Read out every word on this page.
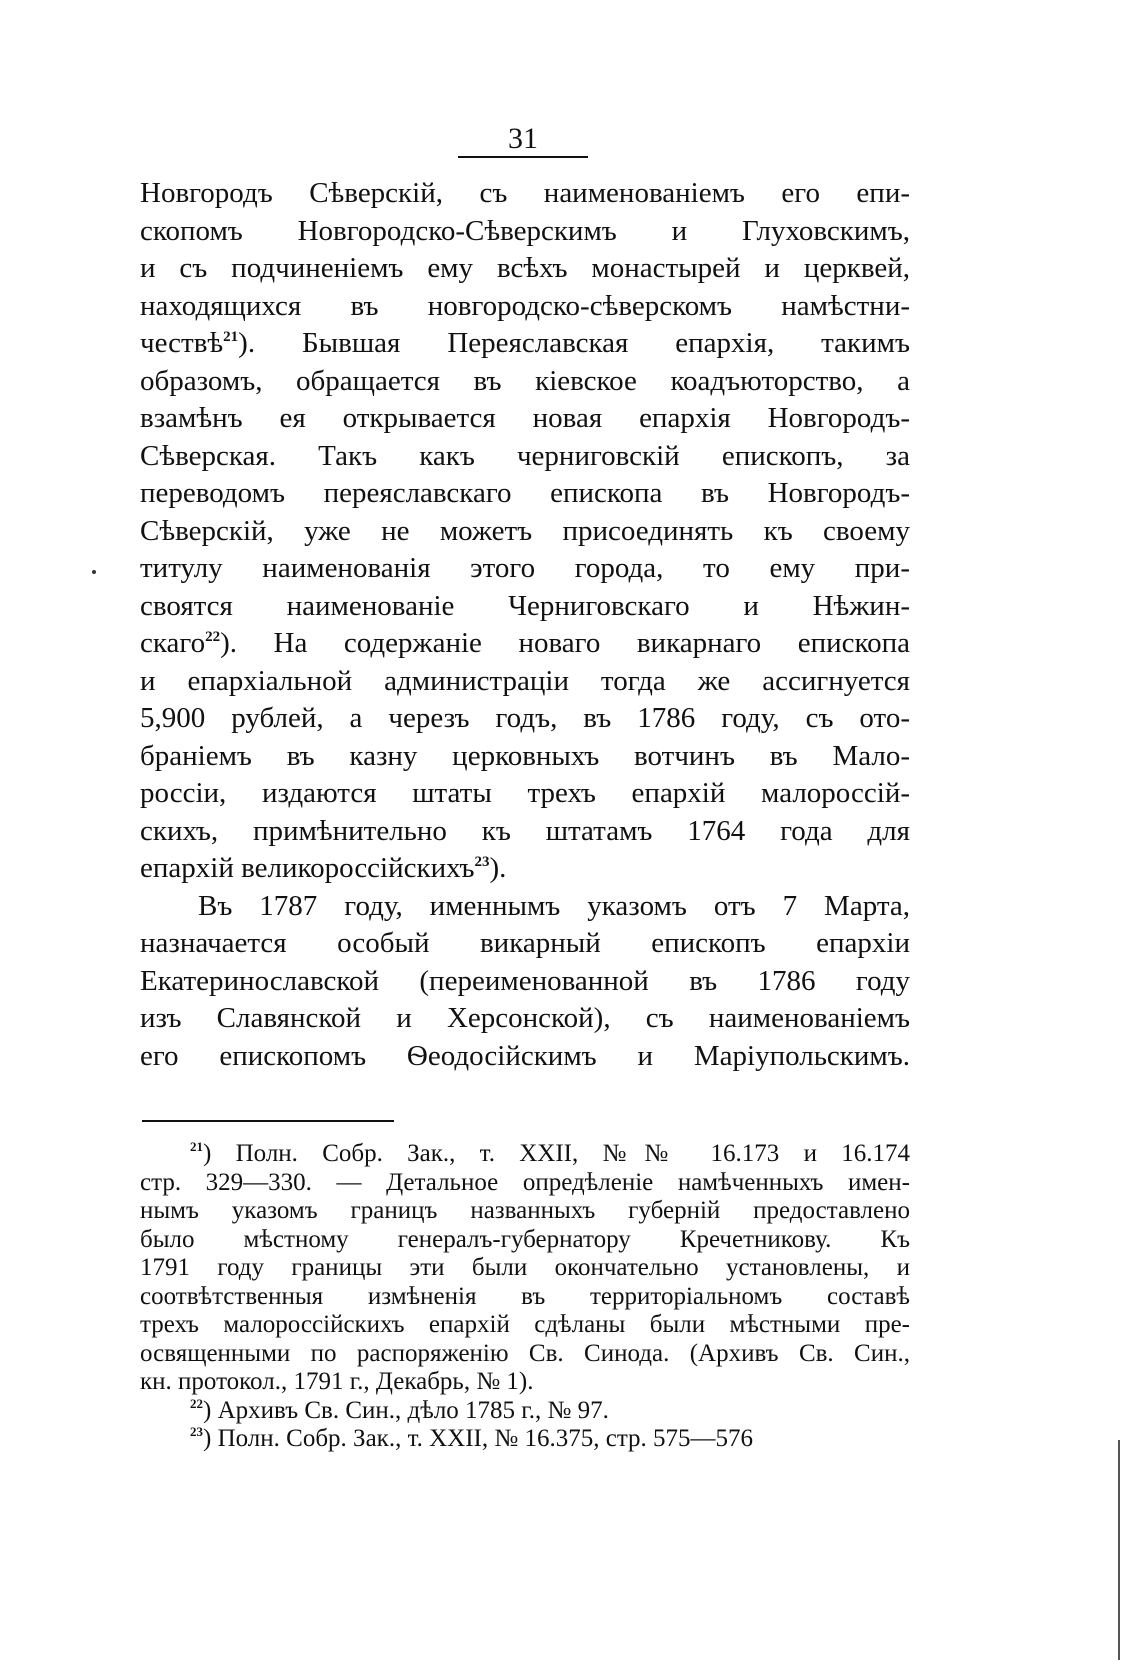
31
Новгородъ Сѣверскій, съ наименованіемъ его епи-
скопомъ Новгородско-Сѣверскимъ и Глуховскимъ,
и съ подчиненіемъ ему всѣхъ монастырей и церквей,
находящихся въ новгородско-сѣверскомъ намѣстни-
чествѣ$^{21}$). Бывшая Переяславская епархія, такимъ
образомъ, обращается въ кіевское коадъюторство, а
взамѣнъ ея открывается новая епархія Новгородъ-
Сѣверская. Такъ какъ черниговскій епископъ, за
переводомъ переяславскаго епископа въ Новгородъ-
Сѣверскій, уже не можетъ присоединять къ своему
титулу наименованія этого города, то ему при-
своятся наименованіе Черниговскаго и Нѣжин-
скаго$^{22}$). На содержаніе новаго викарнаго епископа
и епархіальной администраціи тогда же ассигнуется
5,900 рублей, а черезъ годъ, въ 1786 году, съ ото-
браніемъ въ казну церковныхъ вотчинъ въ Мало-
россіи, издаются штаты трехъ епархій малороссій-
скихъ, примѣнительно къ штатамъ 1764 года для
епархій великороссійскихъ$^{23}$).
Въ 1787 году, именнымъ указомъ отъ 7 Марта,
назначается особый викарный епископъ епархіи
Екатеринославской (переименованной въ 1786 году
изъ Славянской и Херсонской), съ наименованіемъ
его епископомъ Ѳеодосійскимъ и Маріупольскимъ.
$^{21}$) Полн. Собр. Зак., т. XXII, №№ 16.173 и 16.174
стр. 329—330. — Детальное опредѣленіе намѣченныхъ имен-
нымъ указомъ границъ названныхъ губерній предоставлено
было мѣстному генералъ-губернатору Кречетникову. Къ
1791 году границы эти были окончательно установлены, и
соотвѣтственныя измѣненія въ территоріальномъ составѣ
трехъ малороссійскихъ епархій сдѣланы были мѣстными пре-
освященными по распоряженію Св. Синода. (Архивъ Св. Син.,
кн. протокол., 1791 г., Декабрь, № 1).
$^{22}$) Архивъ Св. Син., дѣло 1785 г., № 97.
$^{23}$) Полн. Собр. Зак., т. XXII, № 16.375, стр. 575—576
